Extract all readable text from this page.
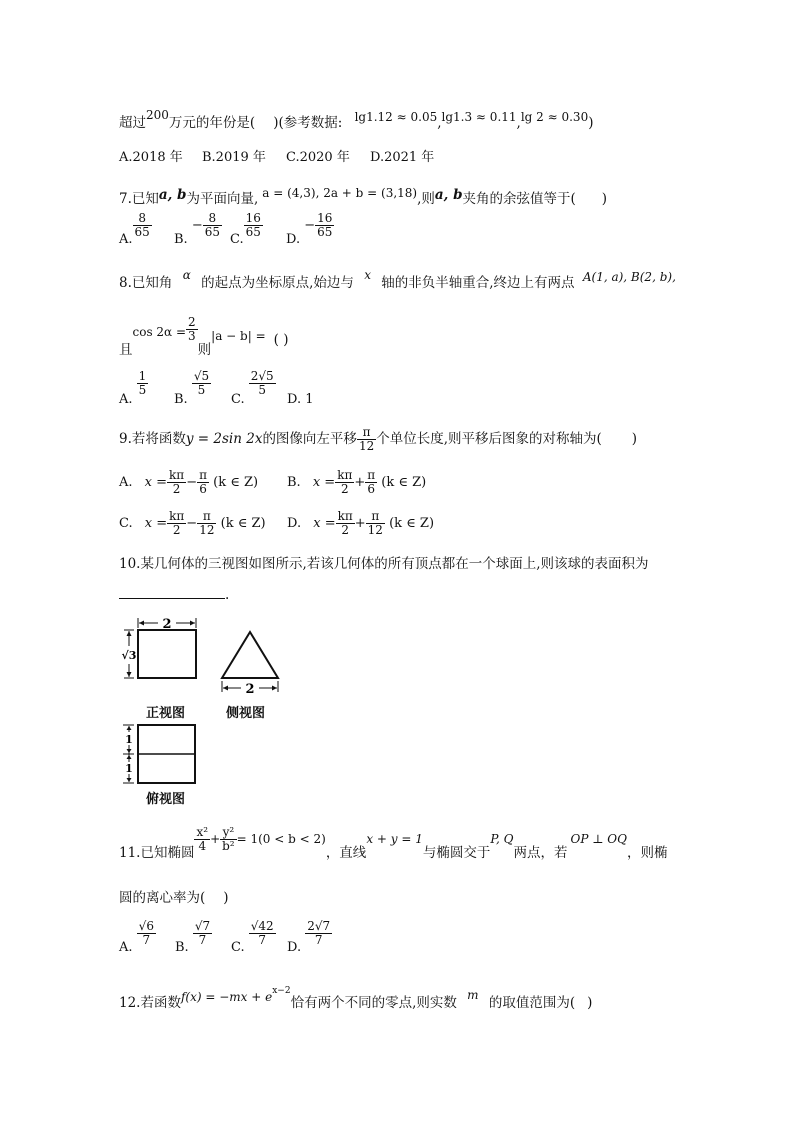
超过200万元的年份是( )(参考数据: lg1.12 ≈ 0.05,lg1.3 ≈ 0.11,lg 2 ≈ 0.30)
A.2018 年 B.2019 年 C.2020 年 D.2021 年
7.已知a, b为平面向量, a = (4,3), 2a + b = (3,18),则a, b夹角的余弦值等于( )
A.
$\frac{8}{65}$
B. − $\frac{8}{65}$
C.
$\frac{16}{65}$
D. − $\frac{16}{65}$
8.已知角 α 的起点为坐标原点,始边与 x 轴的非负半轴重合,终边上有两点 A(1, a), B(2, b),
且$\cos 2\alpha = \frac{2}{3}$
则|a − b| = ( )
A.
$\frac{1}{5}$
B.
$\frac{√5}{5}$
C.
$\frac{2√5}{5}$
D. 1
9.若将函数y = 2sin 2x的图像向左平移 $\frac{\pi}{12}$ 个单位长度,则平移后图象的对称轴为( )
A. $x = \frac{k\pi}{2} - \frac{\pi}{6} (k$ ∈ Z) B. $x = \frac{k\pi}{2} + \frac{\pi}{6} (k$ ∈ Z)
C. $x = \frac{k\pi}{2} - \frac{\pi}{12} (k$ ∈ Z) D. $x = \frac{k\pi}{2} + \frac{\pi}{12} (k$ ∈ Z)
10.某几何体的三视图如图所示,若该几何体的所有顶点都在一个球面上,则该球的表面积为
.
2
√3
2
1
1
正视图	侧视图
俯视图
11.已知椭圆 $\frac{\text{x²}}{4} + \frac{\text{y²}}{\text{b²}} = 1(0 < b < 2)$，直线x + y = 1与椭圆交于P, Q两点，若OP ⊥ OQ，则椭
圆的离心率为( )
A.
$\frac{√6}{7}$
B.
$\frac{√7}{7}$
C.
$\frac{√42}{7}$
D.
$\frac{2√7}{7}$
12.若函数$f(x) = -mx + e^{x-2}$恰有两个不同的零点,则实数 m 的取值范围为( )
